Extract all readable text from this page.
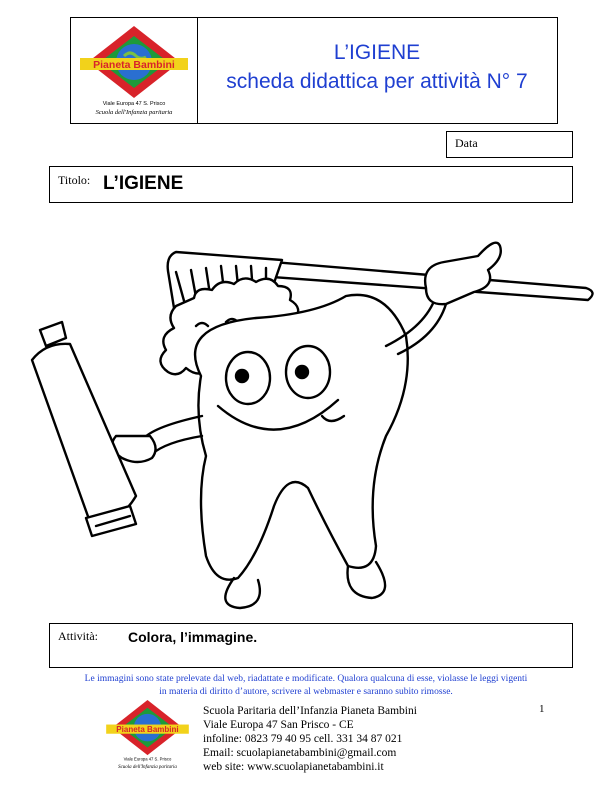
Pianeta Bambini
Viale Europa 47 S. Prisco
Scuola dell'Infanzia paritaria
L’IGIENE
scheda didattica per attività N° 7
Data
Titolo: L’IGIENE
Attività: Colora, l’immagine.
Le immagini sono state prelevate dal web, riadattate e modificate. Qualora qualcuna di esse, violasse le leggi vigenti
in materia di diritto d’autore, scrivere al webmaster e saranno subito rimosse.
Pianeta Bambini
Viale Europa 47 S. Prisco
Scuola dell'Infanzia paritaria
Scuola Paritaria dell’Infanzia Pianeta Bambini
Viale Europa 47 San Prisco - CE
infoline: 0823 79 40 95 cell. 331 34 87 021
Email: scuolapianetabambini@gmail.com
web site: www.scuolapianetabambini.it
1
